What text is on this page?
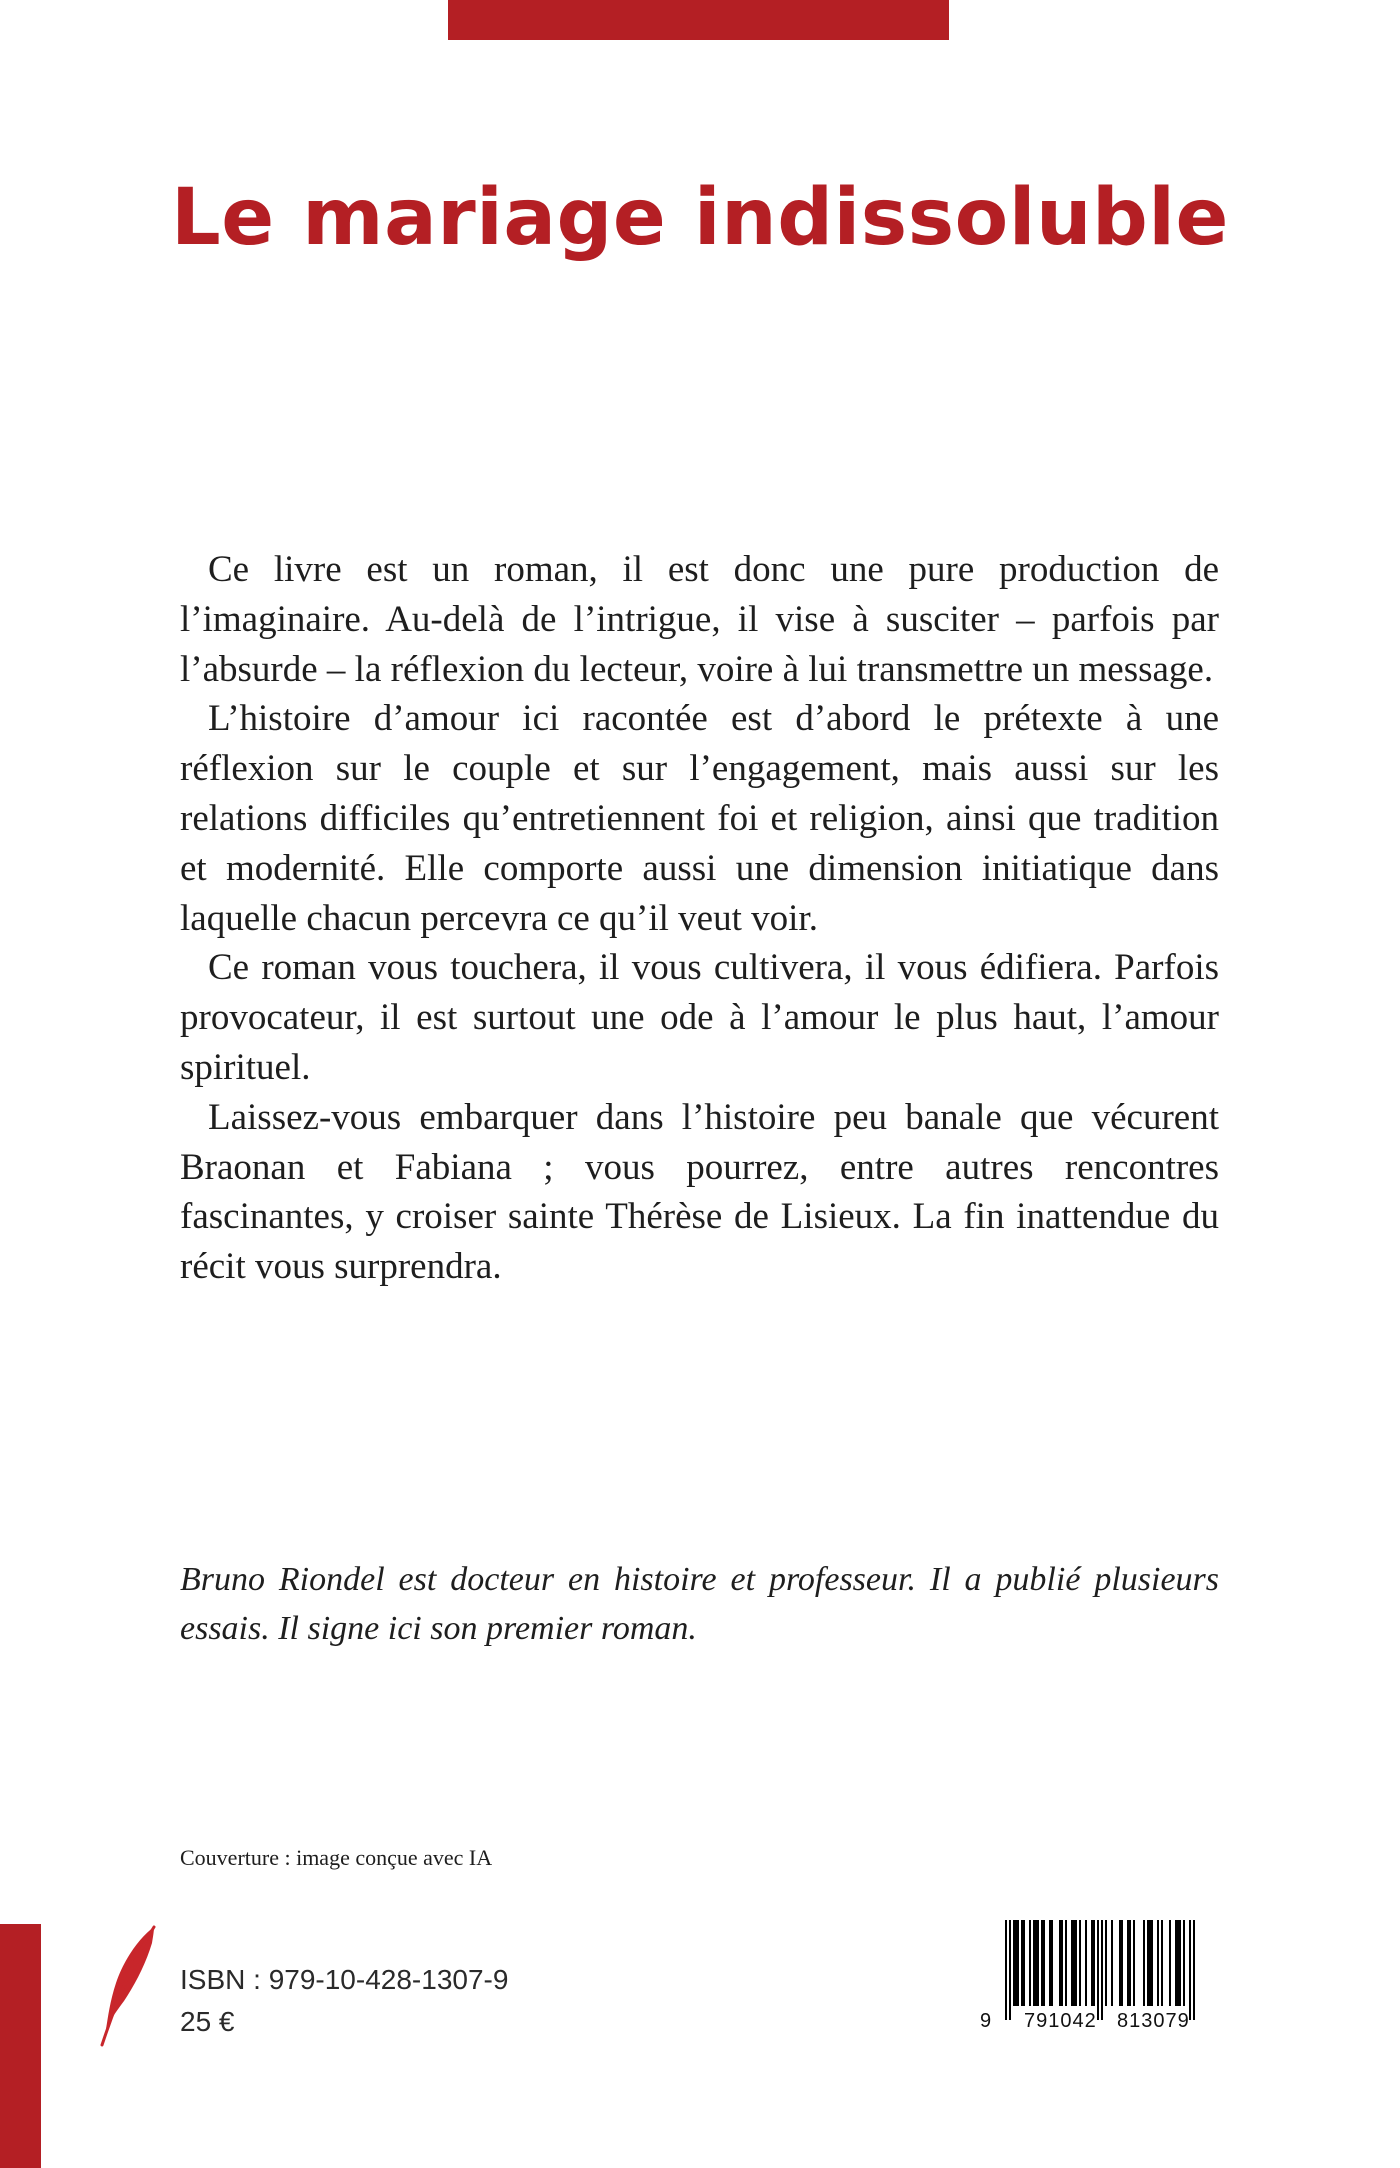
Le mariage indissoluble

Ce livre est un roman, il est donc une pure production de l’imaginaire. Au-delà de l’intrigue, il vise à susciter – parfois par l’absurde – la réflexion du lecteur, voire à lui transmettre un message.

L’histoire d’amour ici racontée est d’abord le prétexte à une réflexion sur le couple et sur l’engagement, mais aussi sur les relations difficiles qu’entretiennent foi et religion, ainsi que tradition et modernité. Elle comporte aussi une dimension initiatique dans laquelle chacun percevra ce qu’il veut voir.

Ce roman vous touchera, il vous cultivera, il vous édifiera. Parfois provocateur, il est surtout une ode à l’amour le plus haut, l’amour spirituel.

Laissez-vous embarquer dans l’histoire peu banale que vécurent Braonan et Fabiana ; vous pourrez, entre autres rencontres fascinantes, y croiser sainte Thérèse de Lisieux. La fin inattendue du récit vous surprendra.

Bruno Riondel est docteur en histoire et professeur. Il a publié plusieurs essais. Il signe ici son premier roman.

Couverture : image conçue avec IA

ISBN : 979-10-428-1307-9

25 €	9 791042 813079
